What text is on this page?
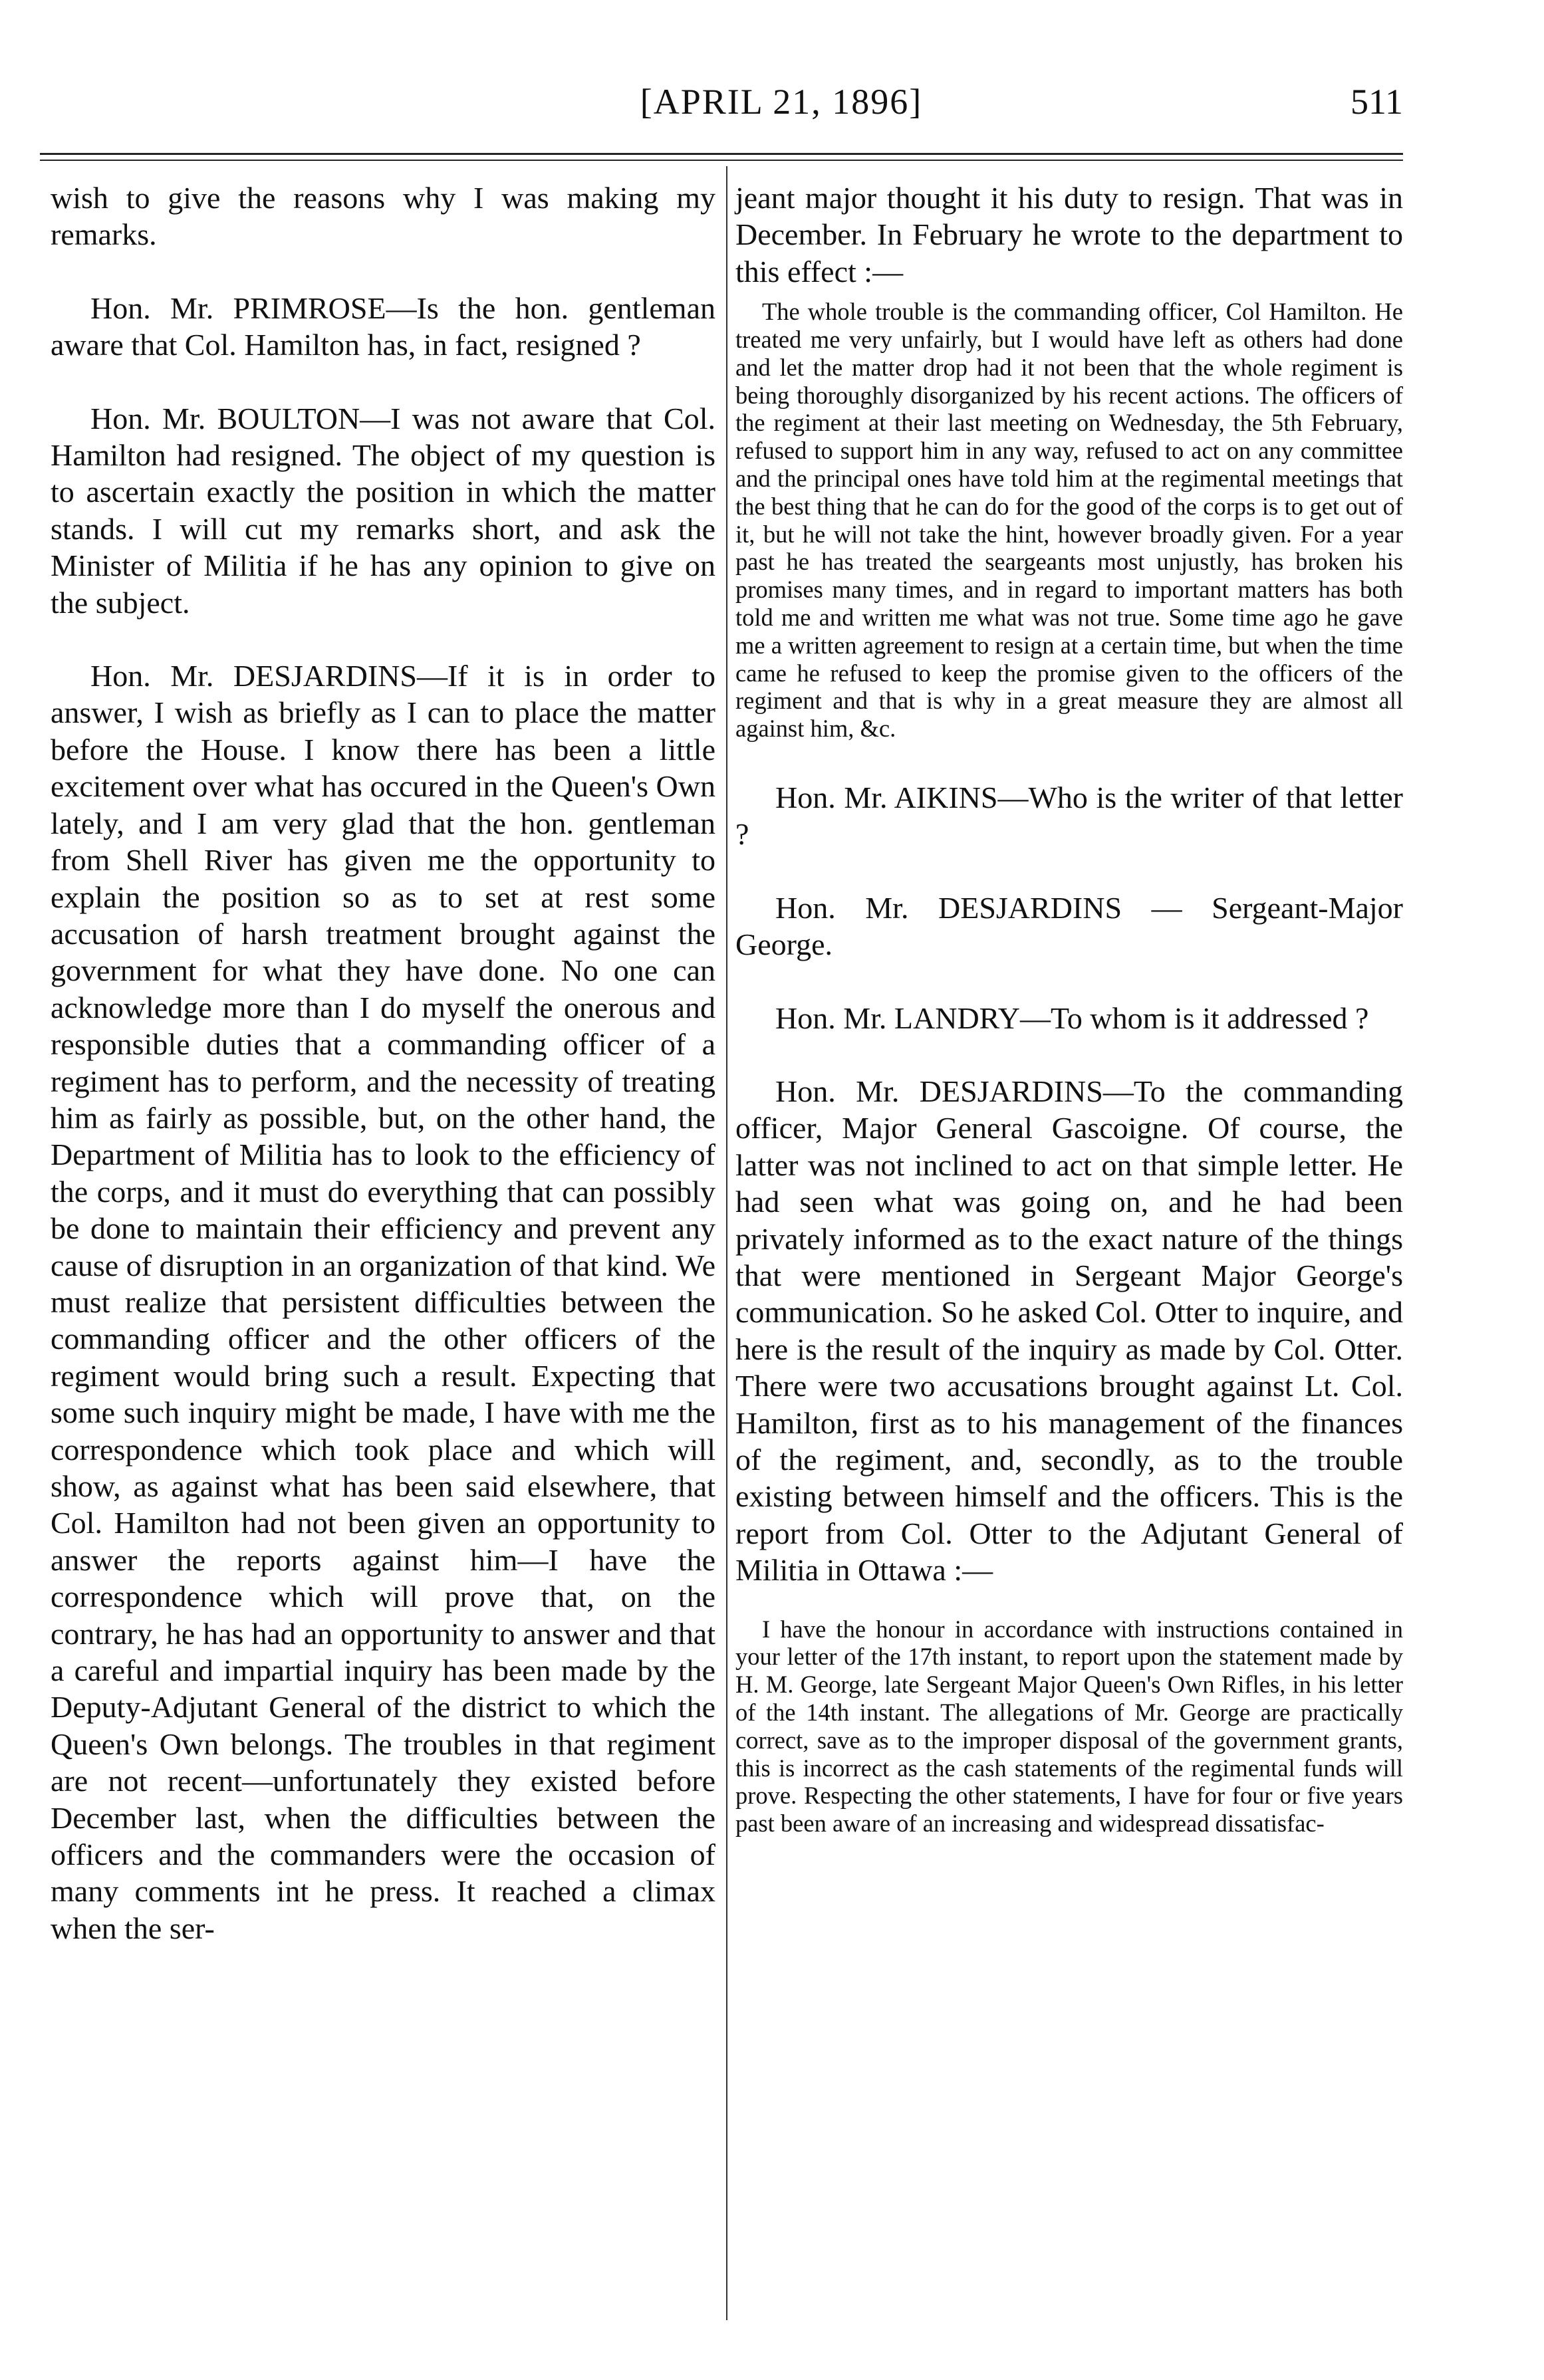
[APRIL 21, 1896]	511

wish to give the reasons why I was making my remarks.

Hon. Mr. PRIMROSE—Is the hon. gentleman aware that Col. Hamilton has, in fact, resigned ?

Hon. Mr. BOULTON—I was not aware that Col. Hamilton had resigned. The object of my question is to ascertain exactly the position in which the matter stands. I will cut my remarks short, and ask the Minister of Militia if he has any opinion to give on the subject.

Hon. Mr. DESJARDINS—If it is in order to answer, I wish as briefly as I can to place the matter before the House. I know there has been a little excitement over what has occured in the Queen's Own lately, and I am very glad that the hon. gentleman from Shell River has given me the opportunity to explain the position so as to set at rest some accusation of harsh treatment brought against the government for what they have done. No one can acknowledge more than I do myself the onerous and responsible duties that a commanding officer of a regiment has to perform, and the necessity of treating him as fairly as possible, but, on the other hand, the Department of Militia has to look to the efficiency of the corps, and it must do everything that can possibly be done to maintain their efficiency and prevent any cause of disruption in an organization of that kind. We must realize that persistent difficulties between the commanding officer and the other officers of the regiment would bring such a result. Expecting that some such inquiry might be made, I have with me the correspondence which took place and which will show, as against what has been said elsewhere, that Col. Hamilton had not been given an opportunity to answer the reports against him—I have the correspondence which will prove that, on the contrary, he has had an opportunity to answer and that a careful and impartial inquiry has been made by the Deputy-Adjutant General of the district to which the Queen's Own belongs. The troubles in that regiment are not recent—unfortunately they existed before December last, when the difficulties between the officers and the commanders were the occasion of many comments int he press. It reached a climax when the ser-

jeant major thought it his duty to resign. That was in December. In February he wrote to the department to this effect :—

The whole trouble is the commanding officer, Col Hamilton. He treated me very unfairly, but I would have left as others had done and let the matter drop had it not been that the whole regiment is being thoroughly disorganized by his recent actions. The officers of the regiment at their last meeting on Wednesday, the 5th February, refused to support him in any way, refused to act on any committee and the principal ones have told him at the regimental meetings that the best thing that he can do for the good of the corps is to get out of it, but he will not take the hint, however broadly given. For a year past he has treated the seargeants most unjustly, has broken his promises many times, and in regard to important matters has both told me and written me what was not true. Some time ago he gave me a written agreement to resign at a certain time, but when the time came he refused to keep the promise given to the officers of the regiment and that is why in a great measure they are almost all against him, &c.

Hon. Mr. AIKINS—Who is the writer of that letter ?

Hon. Mr. DESJARDINS — Sergeant-Major George.

Hon. Mr. LANDRY—To whom is it addressed ?

Hon. Mr. DESJARDINS—To the commanding officer, Major General Gascoigne. Of course, the latter was not inclined to act on that simple letter. He had seen what was going on, and he had been privately informed as to the exact nature of the things that were mentioned in Sergeant Major George's communication. So he asked Col. Otter to inquire, and here is the result of the inquiry as made by Col. Otter. There were two accusations brought against Lt. Col. Hamilton, first as to his management of the finances of the regiment, and, secondly, as to the trouble existing between himself and the officers. This is the report from Col. Otter to the Adjutant General of Militia in Ottawa :—

I have the honour in accordance with instructions contained in your letter of the 17th instant, to report upon the statement made by H. M. George, late Sergeant Major Queen's Own Rifles, in his letter of the 14th instant. The allegations of Mr. George are practically correct, save as to the improper disposal of the government grants, this is incorrect as the cash statements of the regimental funds will prove. Respecting the other statements, I have for four or five years past been aware of an increasing and widespread dissatisfac-
